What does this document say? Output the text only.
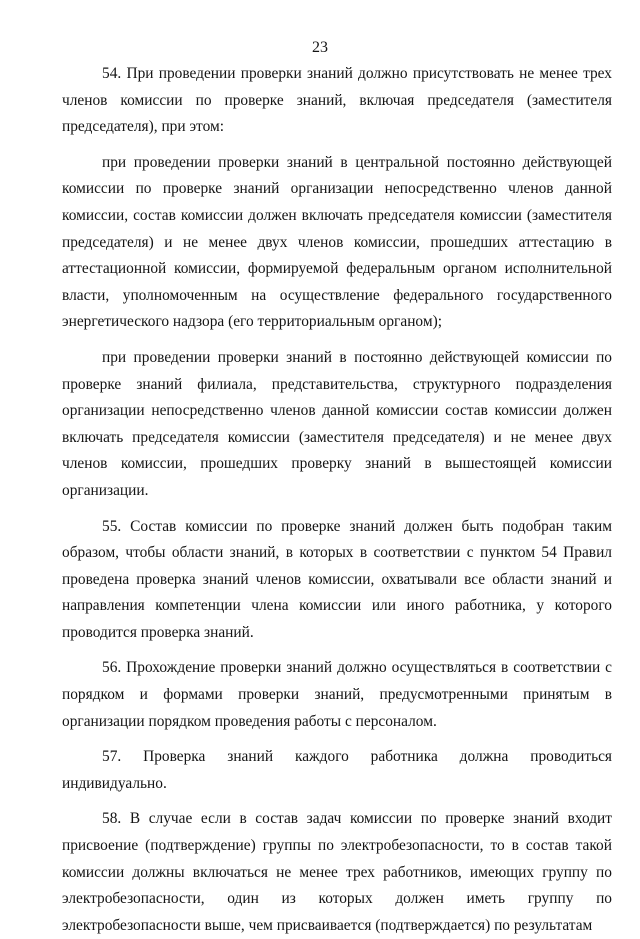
23

54. При проведении проверки знаний должно присутствовать не менее трех членов комиссии по проверке знаний, включая председателя (заместителя председателя), при этом:

при проведении проверки знаний в центральной постоянно действующей комиссии по проверке знаний организации непосредственно членов данной комиссии, состав комиссии должен включать председателя комиссии (заместителя председателя) и не менее двух членов комиссии, прошедших аттестацию в аттестационной комиссии, формируемой федеральным органом исполнительной власти, уполномоченным на осуществление федерального государственного энергетического надзора (его территориальным органом);

при проведении проверки знаний в постоянно действующей комиссии по проверке знаний филиала, представительства, структурного подразделения организации непосредственно членов данной комиссии состав комиссии должен включать председателя комиссии (заместителя председателя) и не менее двух членов комиссии, прошедших проверку знаний в вышестоящей комиссии организации.

55. Состав комиссии по проверке знаний должен быть подобран таким образом, чтобы области знаний, в которых в соответствии с пунктом 54 Правил проведена проверка знаний членов комиссии, охватывали все области знаний и направления компетенции члена комиссии или иного работника, у которого проводится проверка знаний.

56. Прохождение проверки знаний должно осуществляться в соответствии с порядком и формами проверки знаний, предусмотренными принятым в организации порядком проведения работы с персоналом.

57. Проверка знаний каждого работника должна проводиться индивидуально.

58. В случае если в состав задач комиссии по проверке знаний входит присвоение (подтверждение) группы по электробезопасности, то в состав такой комиссии должны включаться не менее трех работников, имеющих группу по электробезопасности, один из которых должен иметь группу по электробезопасности выше, чем присваивается (подтверждается) по результатам
